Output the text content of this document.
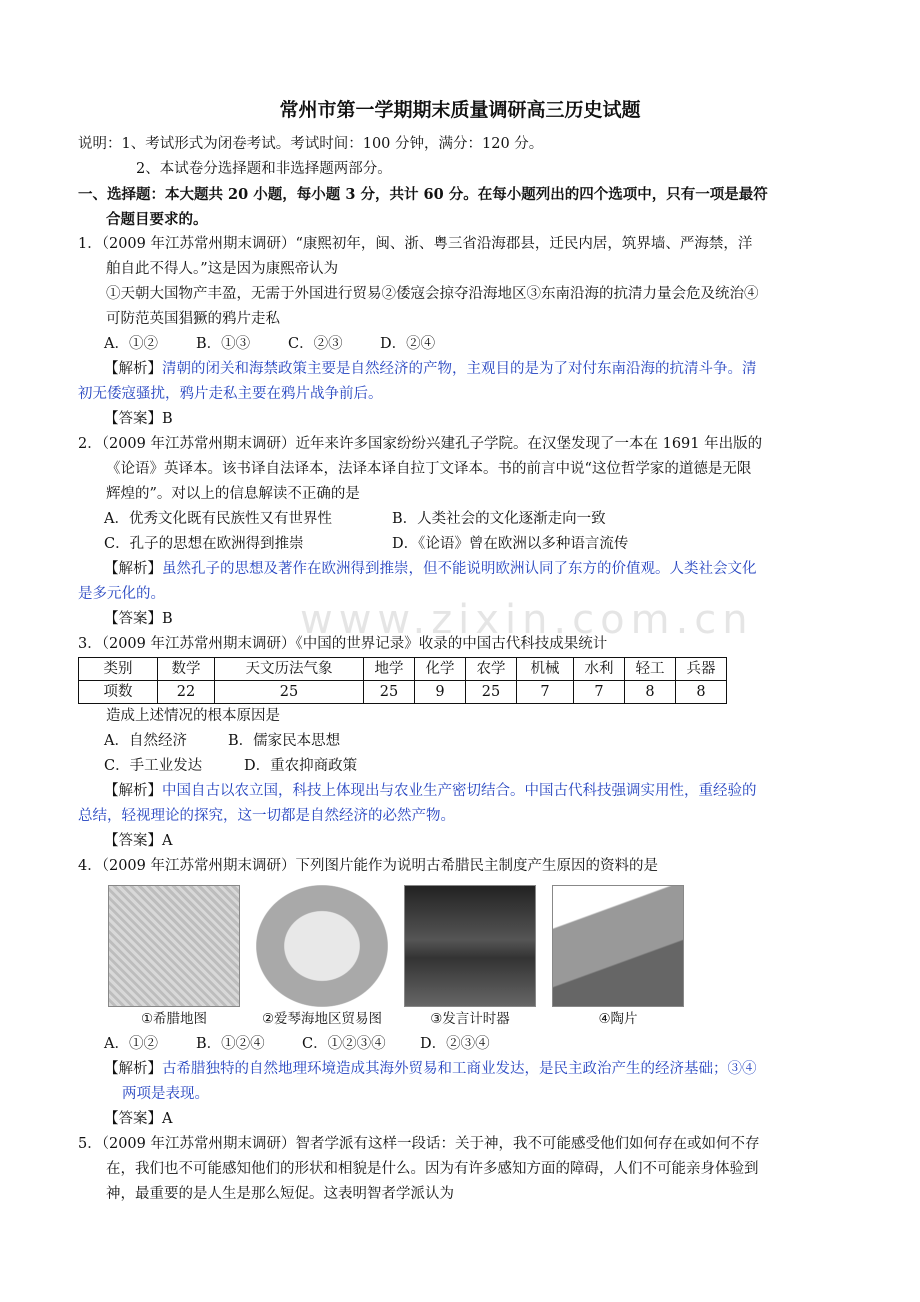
www.zixin.com.cn
常州市第一学期期末质量调研高三历史试题
说明：1、考试形式为闭卷考试。考试时间：100 分钟，满分：120 分。
2、本试卷分选择题和非选择题两部分。
一、选择题：本大题共 20 小题，每小题 3 分，共计 60 分。在每小题列出的四个选项中，只有一项是最符
合题目要求的。
1．（2009 年江苏常州期末调研）“康熙初年，闽、浙、粤三省沿海郡县，迁民内居，筑界墙、严海禁，洋
舶自此不得人。”这是因为康熙帝认为
①天朝大国物产丰盈，无需于外国进行贸易②倭寇会掠夺沿海地区③东南沿海的抗清力量会危及统治④
可防范英国猖獗的鸦片走私
A．①②	B．①③	C．②③	D．②④
【解析】清朝的闭关和海禁政策主要是自然经济的产物，主观目的是为了对付东南沿海的抗清斗争。清
初无倭寇骚扰，鸦片走私主要在鸦片战争前后。
【答案】B
2．（2009 年江苏常州期末调研）近年来许多国家纷纷兴建孔子学院。在汉堡发现了一本在 1691 年出版的
《论语》英译本。该书译自法译本，法译本译自拉丁文译本。书的前言中说“这位哲学家的道德是无限
辉煌的”。对以上的信息解读不正确的是
A．优秀文化既有民族性又有世界性	B．人类社会的文化逐渐走向一致
C．孔子的思想在欧洲得到推崇	D．《论语》曾在欧洲以多种语言流传
【解析】虽然孔子的思想及著作在欧洲得到推崇，但不能说明欧洲认同了东方的价值观。人类社会文化
是多元化的。
【答案】B
3．（2009 年江苏常州期末调研）《中国的世界记录》收录的中国古代科技成果统计
类别	数学	天文历法气象	地学	化学	农学	机械	水利	轻工	兵器
项数	22	25	25	9	25	7	7	8	8
造成上述情况的根本原因是
A．自然经济	B．儒家民本思想
C．手工业发达	D．重农抑商政策
【解析】中国自古以农立国，科技上体现出与农业生产密切结合。中国古代科技强调实用性，重经验的
总结，轻视理论的探究，这一切都是自然经济的必然产物。
【答案】A
4．（2009 年江苏常州期末调研）下列图片能作为说明古希腊民主制度产生原因的资料的是
①希腊地图	②爱琴海地区贸易图	③发言计时器	④陶片
A．①②	B．①②④	C．①②③④ D．②③④
【解析】古希腊独特的自然地理环境造成其海外贸易和工商业发达，是民主政治产生的经济基础；③④
两项是表现。
【答案】A
5．（2009 年江苏常州期末调研）智者学派有这样一段话：关于神，我不可能感受他们如何存在或如何不存
在，我们也不可能感知他们的形状和相貌是什么。因为有许多感知方面的障碍，人们不可能亲身体验到
神，最重要的是人生是那么短促。这表明智者学派认为
